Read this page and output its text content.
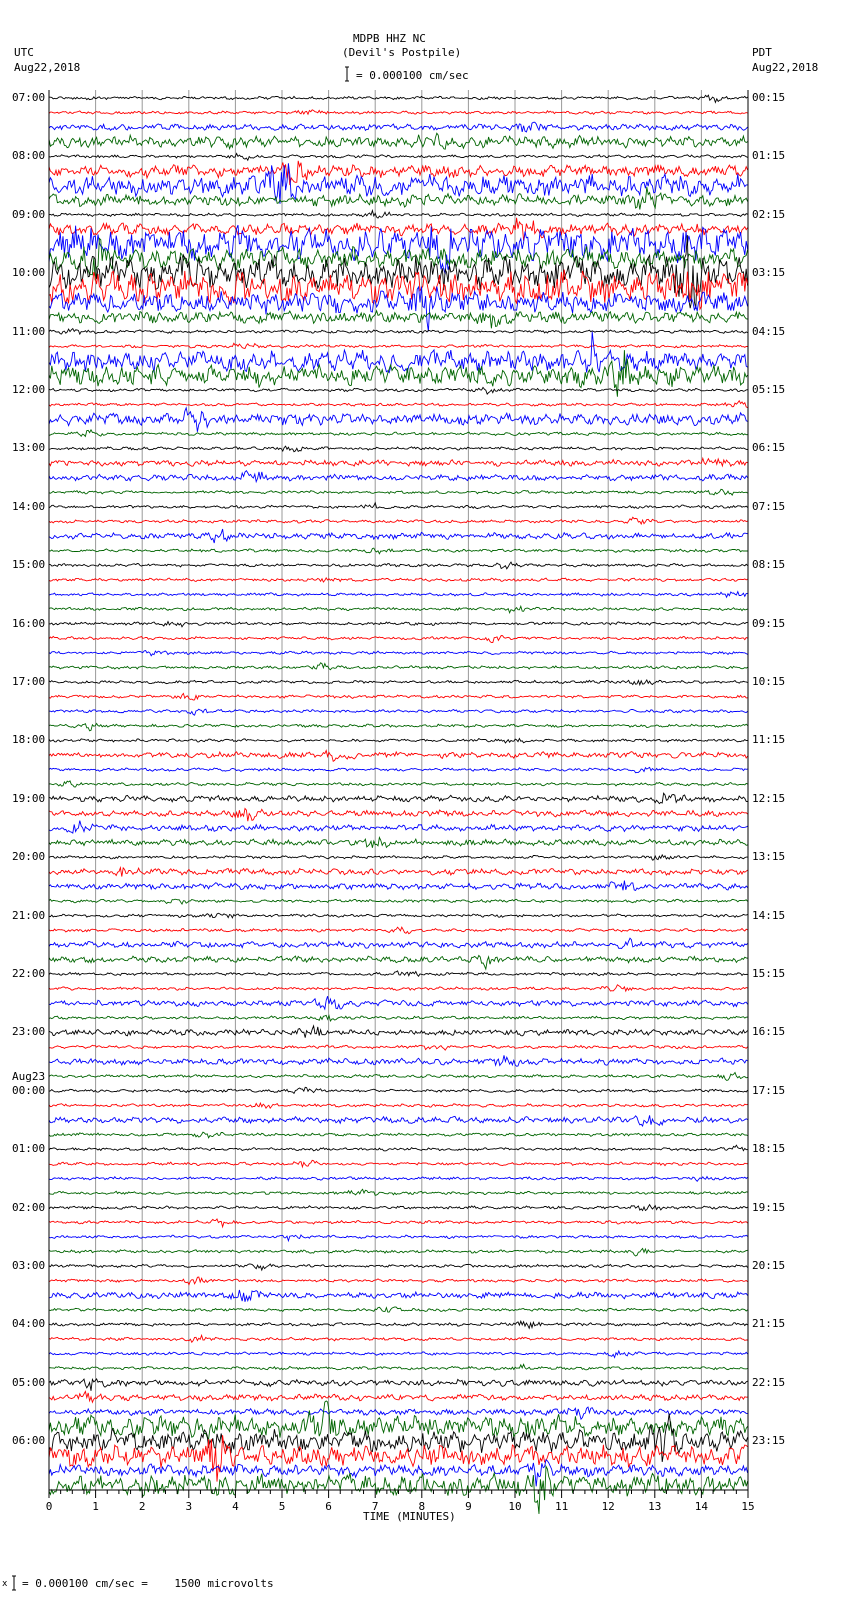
0	1	2	3	4	5	6	7	8	9	10	11	12	13	14	15
MDPB HHZ NC
(Devil's Postpile)
= 0.000100 cm/sec
UTC
Aug22,2018
PDT
Aug22,2018
TIME (MINUTES)
x = 0.000100 cm/sec =    1500 microvolts
07:00
08:00
09:00
10:00
11:00
12:00
13:00
14:00
15:00
16:00
17:00
18:00
19:00
20:00
21:00
22:00
23:00
00:00
01:00
02:00
03:00
04:00
05:00
06:00
Aug23
00:15
01:15
02:15
03:15
04:15
05:15
06:15
07:15
08:15
09:15
10:15
11:15
12:15
13:15
14:15
15:15
16:15
17:15
18:15
19:15
20:15
21:15
22:15
23:15
